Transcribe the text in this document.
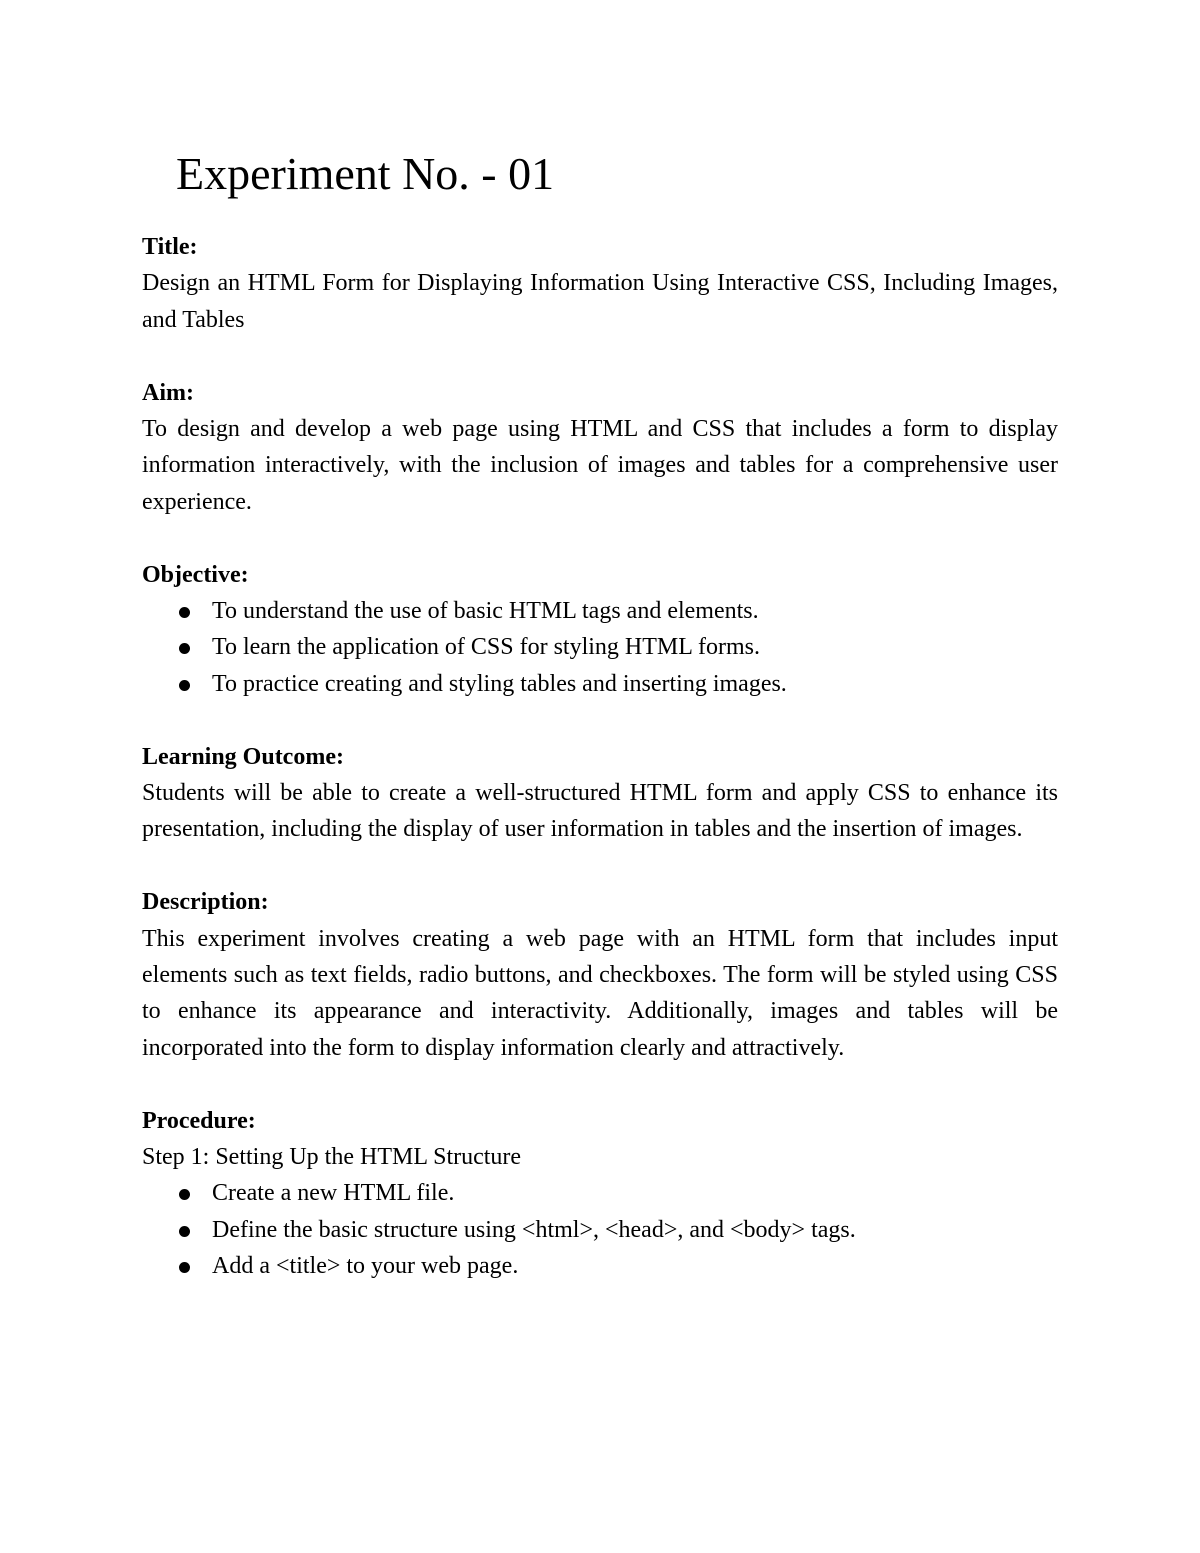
Experiment No. - 01

Title:

Design an HTML Form for Displaying Information Using Interactive CSS, Including Images, and Tables

Aim:

To design and develop a web page using HTML and CSS that includes a form to display information interactively, with the inclusion of images and tables for a comprehensive user experience.

Objective:

To understand the use of basic HTML tags and elements.
To learn the application of CSS for styling HTML forms.
To practice creating and styling tables and inserting images.

Learning Outcome:

Students will be able to create a well-structured HTML form and apply CSS to enhance its presentation, including the display of user information in tables and the insertion of images.

Description:

This experiment involves creating a web page with an HTML form that includes input elements such as text fields, radio buttons, and checkboxes. The form will be styled using CSS to enhance its appearance and interactivity. Additionally, images and tables will be incorporated into the form to display information clearly and attractively.

Procedure:

Step 1: Setting Up the HTML Structure

Create a new HTML file.
Define the basic structure using <html>, <head>, and <body> tags.
Add a <title> to your web page.
